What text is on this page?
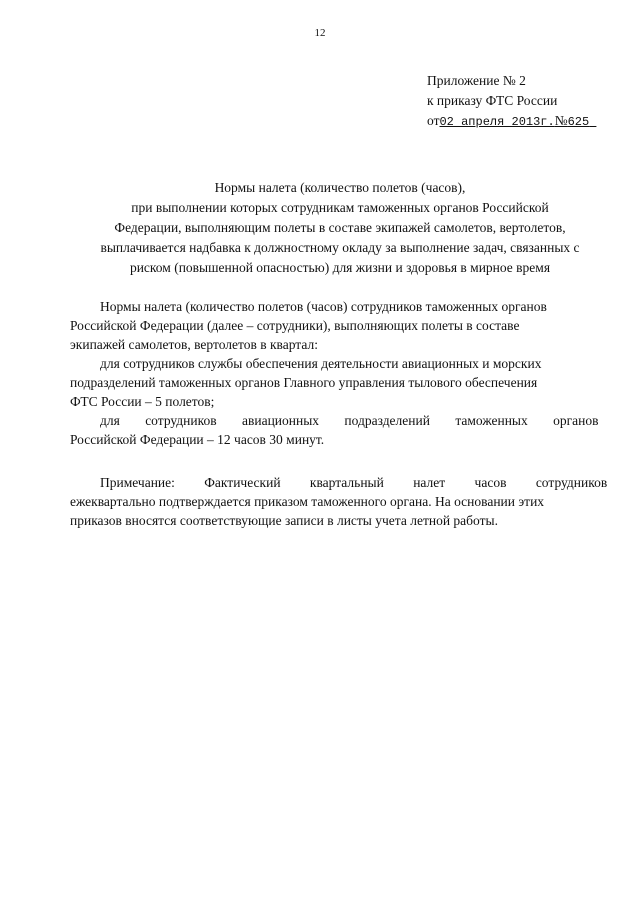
12
Приложение № 2
к приказу ФТС России
от02 апреля 2013г.№625
Нормы налета (количество полетов (часов),
при выполнении которых сотрудникам таможенных органов Российской
Федерации, выполняющим полеты в составе экипажей самолетов, вертолетов,
выплачивается надбавка к должностному окладу за выполнение задач, связанных с
риском (повышенной опасностью) для жизни и здоровья в мирное время
Нормы налета (количество полетов (часов) сотрудников таможенных органов
Российской Федерации (далее – сотрудники), выполняющих полеты в составе
экипажей самолетов, вертолетов в квартал:
для сотрудников службы обеспечения деятельности авиационных и морских
подразделений таможенных органов Главного управления тылового обеспечения
ФТС России – 5 полетов;
для сотрудников авиационных подразделений таможенных органов
Российской Федерации – 12 часов 30 минут.
Примечание: Фактический квартальный налет часов сотрудников
ежеквартально подтверждается приказом таможенного органа. На основании этих
приказов вносятся соответствующие записи в листы учета летной работы.
